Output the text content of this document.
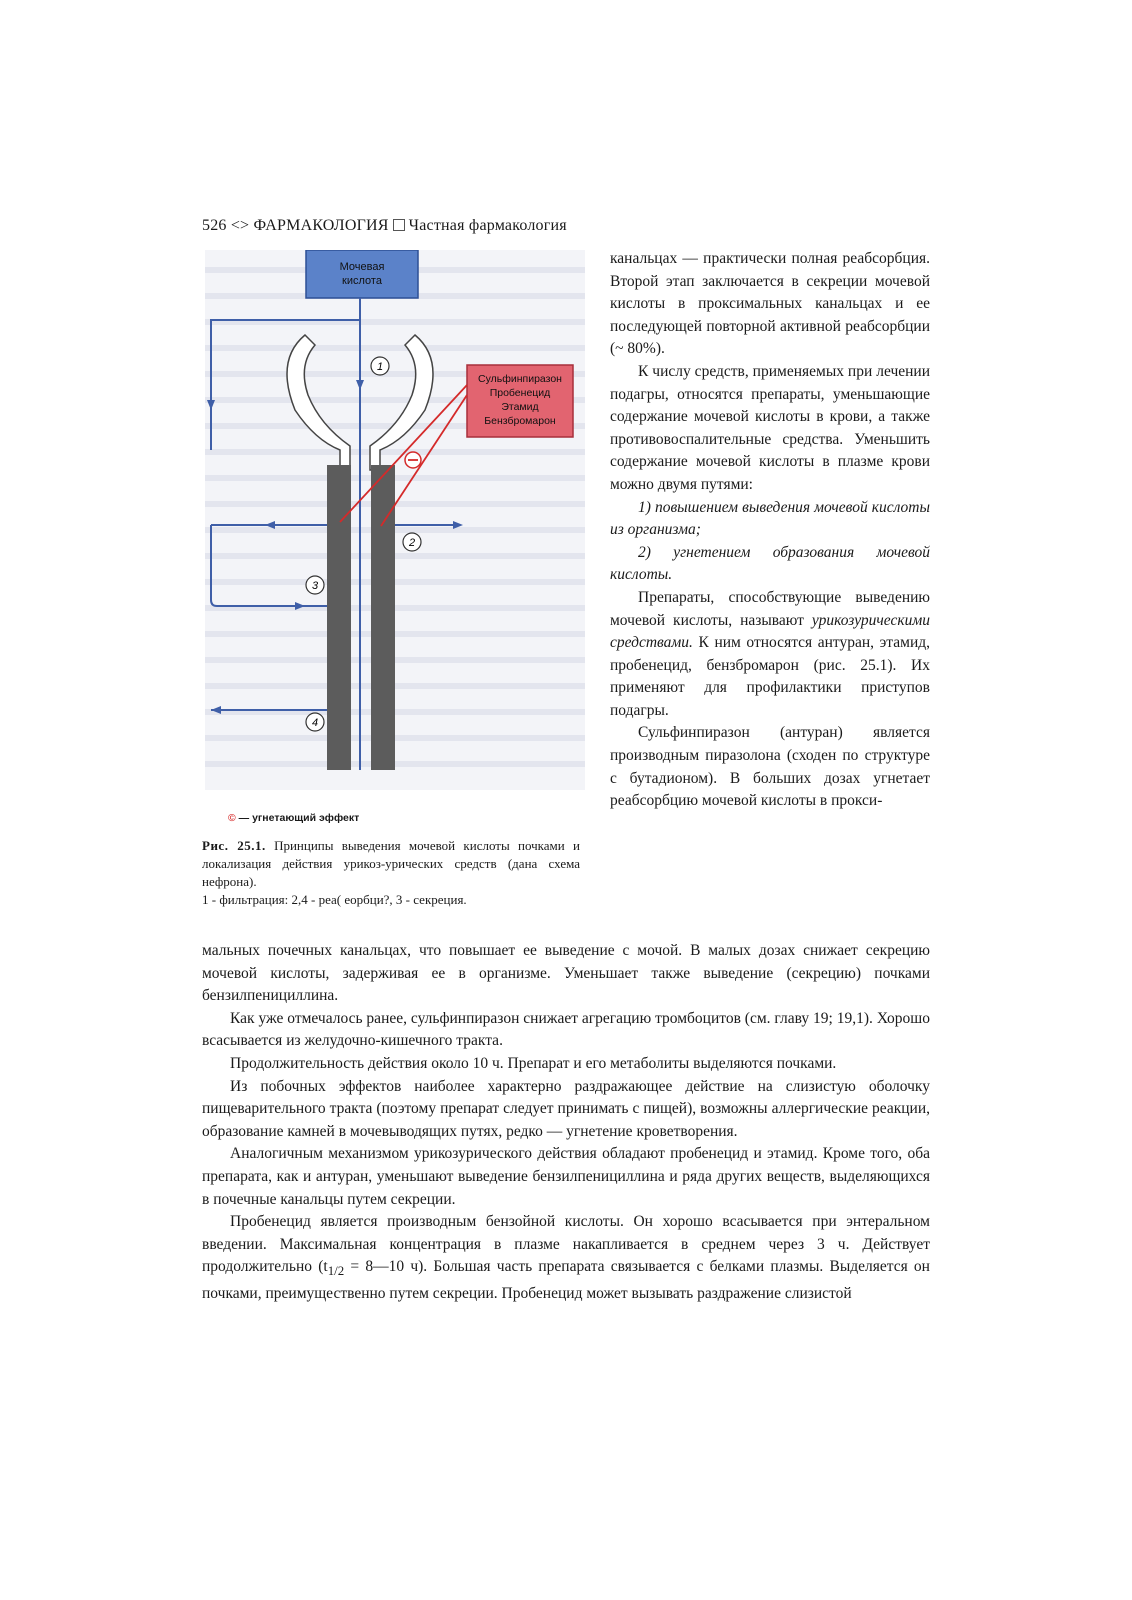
526 <> ФАРМАКОЛОГИЯ Частная фармакология
Мочевая
кислота
Сульфинпиразон
Пробенецид
Этамид
Бензбромарон
1
2
3
4
© — угнетающий эффект
Рис. 25.1. Принципы выведения мочевой кислоты почками и локализация действия урикоз-урических средств (дана схема нефрона).
1 - фильтрация: 2,4 - реа( еорбци?, 3 - секреция.

канальцах — практически полная реабсорбция. Второй этап заключается в секреции мочевой кислоты в проксимальных канальцах и ее последующей повторной активной реабсорбции (~ 80%).

К числу средств, применяемых при лечении подагры, относятся препараты, уменьшающие содержание мочевой кислоты в крови, а также противовоспалительные средства. Уменьшить содержание мочевой кислоты в плазме крови можно двумя путями:

1) повышением выведения мочевой кислоты из организма;

2) угнетением образования мочевой кислоты.

Препараты, способствующие выведению мочевой кислоты, называют урикозурическими средствами. К ним относятся антуран, этамид, пробенецид, бензбромарон (рис. 25.1). Их применяют для профилактики приступов подагры.

Сульфинпиразон (антуран) является производным пиразолона (сходен по структуре с бутадионом). В больших дозах угнетает реабсорбцию мочевой кислоты в прокси-

мальных почечных канальцах, что повышает ее выведение с мочой. В малых дозах снижает секрецию мочевой кислоты, задерживая ее в организме. Уменьшает также выведение (секрецию) почками бензилпенициллина.

Как уже отмечалось ранее, сульфинпиразон снижает агрегацию тромбоцитов (см. главу 19; 19,1). Хорошо всасывается из желудочно-кишечного тракта.

Продолжительность действия около 10 ч. Препарат и его метаболиты выделяются почками.

Из побочных эффектов наиболее характерно раздражающее действие на слизистую оболочку пищеварительного тракта (поэтому препарат следует принимать с пищей), возможны аллергические реакции, образование камней в мочевыводящих путях, редко — угнетение кроветворения.

Аналогичным механизмом урикозурического действия обладают пробенецид и этамид. Кроме того, оба препарата, как и антуран, уменьшают выведение бензилпенициллина и ряда других веществ, выделяющихся в почечные канальцы путем секреции.

Пробенецид является производным бензойной кислоты. Он хорошо всасывается при энтеральном введении. Максимальная концентрация в плазме накапливается в среднем через 3 ч. Действует продолжительно ($t_{1/2}$ = 8—10 ч). Большая часть препарата связывается с белками плазмы. Выделяется он почками, преимущественно путем секреции. Пробенецид может вызывать раздражение слизистой
